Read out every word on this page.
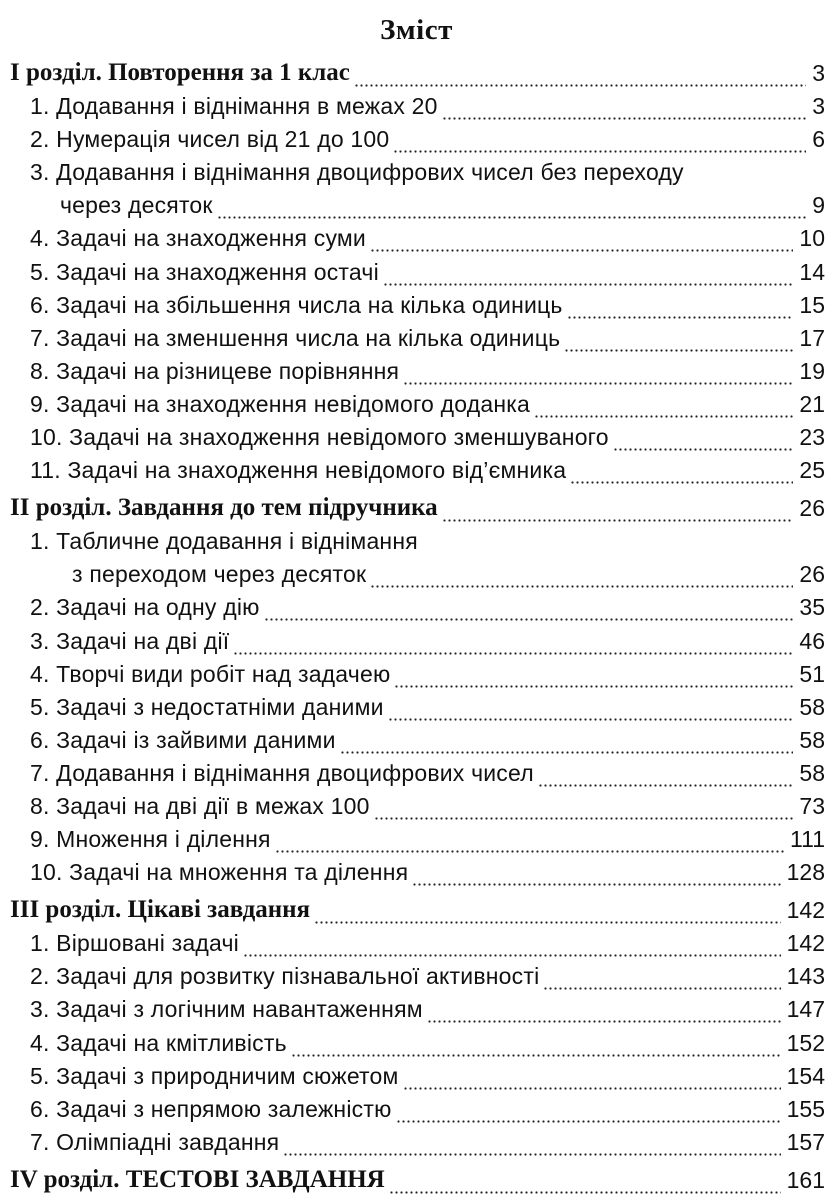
Зміст
І розділ. Повторення за 1 клас	3
1. Додавання і віднімання в межах 20	3
2. Нумерація чисел від 21 до 100	6
3. Додавання і віднімання двоцифрових чисел без переходу
через десяток	9
4. Задачі на знаходження суми	10
5. Задачі на знаходження остачі	14
6. Задачі на збільшення числа на кілька одиниць	15
7. Задачі на зменшення числа на кілька одиниць	17
8. Задачі на різницеве порівняння	19
9. Задачі на знаходження невідомого доданка	21
10. Задачі на знаходження невідомого зменшуваного	23
11. Задачі на знаходження невідомого від’ємника	25
ІІ розділ. Завдання до тем підручника	26
1. Табличне додавання і віднімання
з переходом через десяток	26
2. Задачі на одну дію	35
3. Задачі на дві дії	46
4. Творчі види робіт над задачею	51
5. Задачі з недостатніми даними	58
6. Задачі із зайвими даними	58
7. Додавання і віднімання двоцифрових чисел	58
8. Задачі на дві дії в межах 100	73
9. Множення і ділення	111
10. Задачі на множення та ділення	128
ІІІ розділ. Цікаві завдання	142
1. Віршовані задачі	142
2. Задачі для розвитку пізнавальної активності	143
3. Задачі з логічним навантаженням	147
4. Задачі на кмітливість	152
5. Задачі з природничим сюжетом	154
6. Задачі з непрямою залежністю	155
7. Олімпіадні завдання	157
IV розділ. ТЕСТОВІ ЗАВДАННЯ	161
